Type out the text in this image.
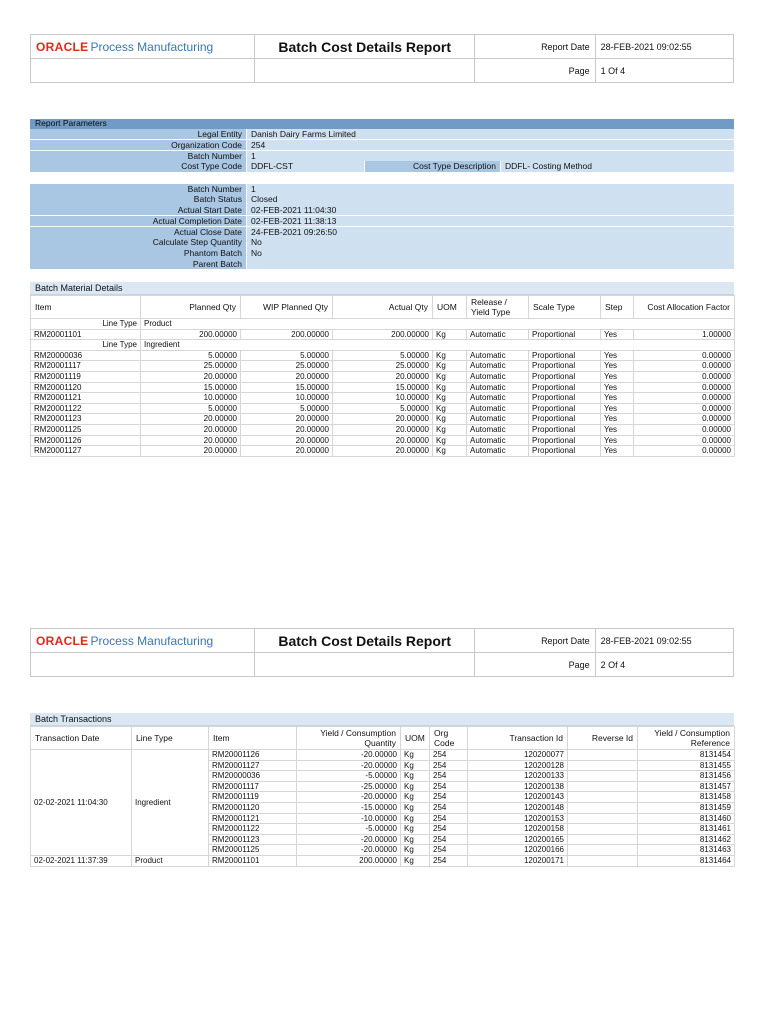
ORACLE Process Manufacturing	Batch Cost Details Report	Report Date	28-FEB-2021 09:02:55
		Page	1 Of 4
Report Parameters
Legal Entity	Danish Dairy Farms Limited
Organization Code	254
Batch Number	1
Cost Type Code	DDFL-CST	Cost Type Description	DDFL- Costing Method
Batch Number	1
Batch Status	Closed
Actual Start Date	02-FEB-2021 11:04:30
Actual Completion Date	02-FEB-2021 11:38:13
Actual Close Date	24-FEB-2021 09:26:50
Calculate Step Quantity	No
Phantom Batch	No
Parent Batch
Batch Material Details
Item	Planned Qty	WIP Planned Qty	Actual Qty	UOM	Release / Yield Type	Scale Type	Step	Cost Allocation Factor
Line Type	Product							
RM20001101	200.00000	200.00000	200.00000	Kg	Automatic	Proportional	Yes	1.00000
Line Type	Ingredient							
RM20000036	5.00000	5.00000	5.00000	Kg	Automatic	Proportional	Yes	0.00000
RM20001117	25.00000	25.00000	25.00000	Kg	Automatic	Proportional	Yes	0.00000
RM20001119	20.00000	20.00000	20.00000	Kg	Automatic	Proportional	Yes	0.00000
RM20001120	15.00000	15.00000	15.00000	Kg	Automatic	Proportional	Yes	0.00000
RM20001121	10.00000	10.00000	10.00000	Kg	Automatic	Proportional	Yes	0.00000
RM20001122	5.00000	5.00000	5.00000	Kg	Automatic	Proportional	Yes	0.00000
RM20001123	20.00000	20.00000	20.00000	Kg	Automatic	Proportional	Yes	0.00000
RM20001125	20.00000	20.00000	20.00000	Kg	Automatic	Proportional	Yes	0.00000
RM20001126	20.00000	20.00000	20.00000	Kg	Automatic	Proportional	Yes	0.00000
RM20001127	20.00000	20.00000	20.00000	Kg	Automatic	Proportional	Yes	0.00000
ORACLE Process Manufacturing	Batch Cost Details Report	Report Date	28-FEB-2021 09:02:55
		Page	2 Of 4
Batch Transactions
Transaction Date	Line Type	Item	Yield / Consumption Quantity	UOM	Org Code	Transaction Id	Reverse Id	Yield / Consumption Reference
02-02-2021 11:04:30	Ingredient	RM20001126	-20.00000	Kg	254	120200077		8131454
		RM20001127	-20.00000	Kg	254	120200128		8131455
		RM20000036	-5.00000	Kg	254	120200133		8131456
		RM20001117	-25.00000	Kg	254	120200138		8131457
		RM20001119	-20.00000	Kg	254	120200143		8131458
		RM20001120	-15.00000	Kg	254	120200148		8131459
		RM20001121	-10.00000	Kg	254	120200153		8131460
		RM20001122	-5.00000	Kg	254	120200158		8131461
		RM20001123	-20.00000	Kg	254	120200165		8131462
		RM20001125	-20.00000	Kg	254	120200166		8131463
02-02-2021 11:37:39	Product	RM20001101	200.00000	Kg	254	120200171		8131464
